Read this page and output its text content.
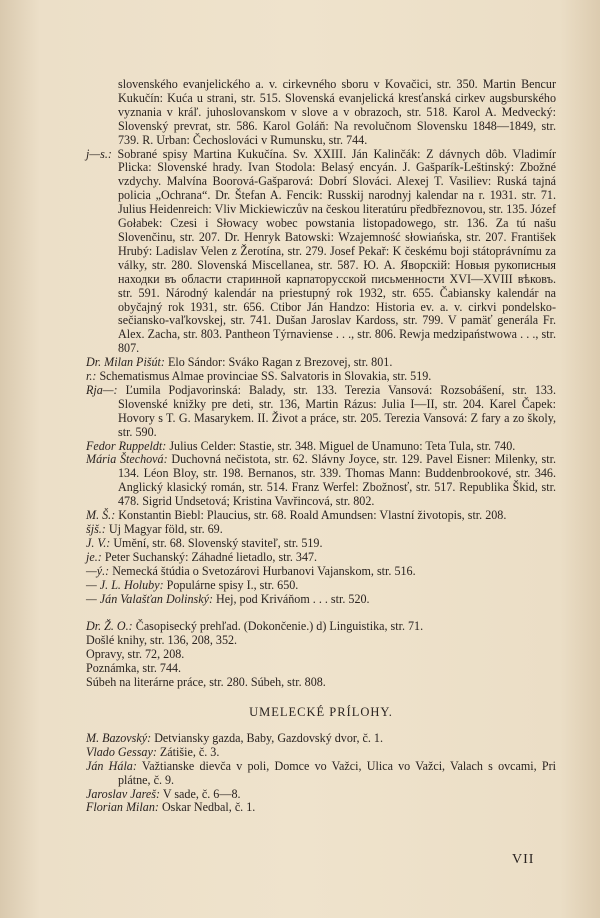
slovenského evanjelického a. v. cirkevného sboru v Kovačici, str. 350. Martin Bencur Kukučín: Kuća u strani, str. 515. Slovenská evanjelická kresťanská cirkev augsburského vyznania v kráľ. juhoslovanskom v slove a v obrazoch, str. 518. Karol A. Medvecký: Slovenský prevrat, str. 586. Karol Goláň: Na revolučnom Slovensku 1848—1849, str. 739. R. Urban: Čechoslováci v Rumunsku, str. 744.

j—s.: Sobrané spisy Martina Kukučína. Sv. XXIII. Ján Kalinčák: Z dávnych dôb. Vladimír Plicka: Slovenské hrady. Ivan Stodola: Belasý encyán. J. Gašparík-Leštinský: Zbožné vzdychy. Malvína Boorová-Gašparová: Dobrí Slováci. Alexej T. Vasiliev: Ruská tajná policia „Ochrana“. Dr. Štefan A. Fencik: Russkij narodnyj kalendar na r. 1931. str. 71. Julius Heidenreich: Vliv Mickiewiczův na českou literatúru předbřeznovou, str. 135. Józef Gołabek: Czesi i Słowacy wobec powstania listopadowego, str. 136. Za tú našu Slovenčinu, str. 207. Dr. Henryk Batowski: Wzajemność słowiańska, str. 207. František Hrubý: Ladislav Velen z Žerotína, str. 279. Josef Pekař: K českému boji státoprávnímu za války, str. 280. Slovenská Miscellanea, str. 587. Ю. А. Яворскій: Новыя рукописныя находки въ области старинной карпаторусской письменности XVI—XVIII вѣковъ. str. 591. Národný kalendár na priestupný rok 1932, str. 655. Čabiansky kalendár na obyčajný rok 1931, str. 656. Ctibor Ján Handzo: Historia ev. a. v. cirkvi pondelsko-sečiansko-vaľkovskej, str. 741. Dušan Jaroslav Kardoss, str. 799. V pamäť generála Fr. Alex. Zacha, str. 803. Pantheon Týrnaviense . . ., str. 806. Rewja medzipaństwowa . . ., str. 807.

Dr. Milan Pišút: Elo Sándor: Sváko Ragan z Brezovej, str. 801.

r.: Schematismus Almae provinciae SS. Salvatoris in Slovakia, str. 519.

Rja—: Ľumila Podjavorinská: Balady, str. 133. Terezia Vansová: Rozsobášení, str. 133. Slovenské knižky pre deti, str. 136, Martin Rázus: Julia I—II, str. 204. Karel Čapek: Hovory s T. G. Masarykem. II. Život a práce, str. 205. Terezia Vansová: Z fary a zo školy, str. 590.

Fedor Ruppeldt: Julius Celder: Stastie, str. 348. Miguel de Unamuno: Teta Tula, str. 740.

Mária Štechová: Duchovná nečistota, str. 62. Slávny Joyce, str. 129. Pavel Eisner: Milenky, str. 134. Léon Bloy, str. 198. Bernanos, str. 339. Thomas Mann: Buddenbrookové, str. 346. Anglický klasický román, str. 514. Franz Werfel: Zbožnosť, str. 517. Republika Škid, str. 478. Sigrid Undsetová; Kristina Vavřincová, str. 802.

M. Š.: Konstantin Biebl: Plaucius, str. 68. Roald Amundsen: Vlastní životopis, str. 208.

šjš.: Uj Magyar föld, str. 69.

J. V.: Umění, str. 68. Slovenský staviteľ, str. 519.

je.: Peter Suchanský: Záhadné lietadlo, str. 347.

—ý.: Nemecká štúdia o Svetozárovi Hurbanovi Vajanskom, str. 516.

— J. L. Holuby: Populárne spisy I., str. 650.

— Ján Valašťan Dolinský: Hej, pod Kriváňom . . . str. 520.

Dr. Ž. O.: Časopisecký prehľad. (Dokončenie.) d) Linguistika, str. 71.

Došlé knihy, str. 136, 208, 352.

Opravy, str. 72, 208.

Poznámka, str. 744.

Súbeh na literárne práce, str. 280. Súbeh, str. 808.

UMELECKÉ PRÍLOHY.

M. Bazovský: Detviansky gazda, Baby, Gazdovský dvor, č. 1.

Vlado Gessay: Zátišie, č. 3.

Ján Hála: Važtianske dievča v poli, Domce vo Važci, Ulica vo Važci, Valach s ovcami, Pri plátne, č. 9.

Jaroslav Jareš: V sade, č. 6—8.

Florian Milan: Oskar Nedbal, č. 1.

VII
